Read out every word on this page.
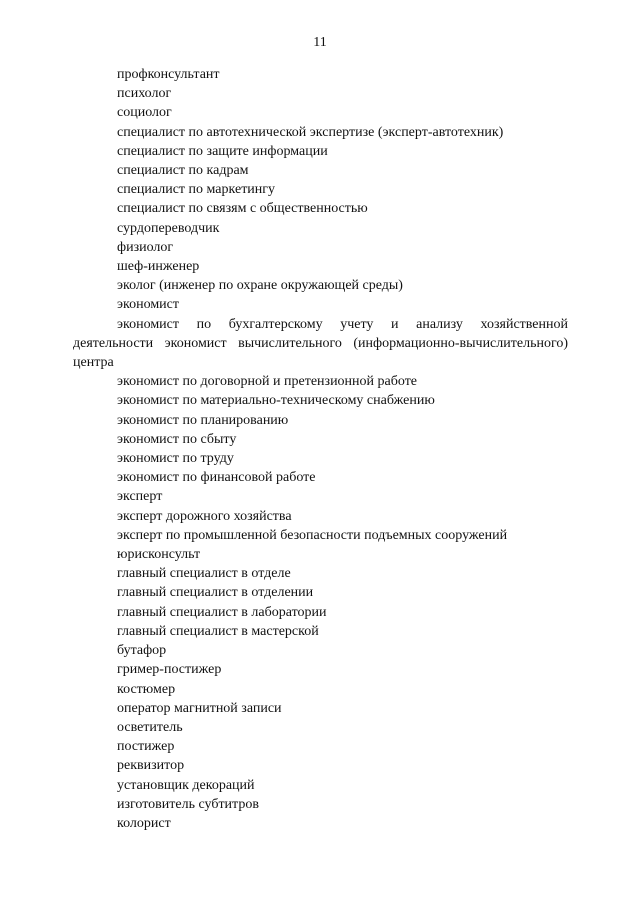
11

профконсультант

психолог

социолог

специалист по автотехнической экспертизе (эксперт-автотехник)

специалист по защите информации

специалист по кадрам

специалист по маркетингу

специалист по связям с общественностью

сурдопереводчик

физиолог

шеф-инженер

эколог (инженер по охране окружающей среды)

экономист

экономист по бухгалтерскому учету и анализу хозяйственной
деятельности экономист вычислительного (информационно-вычислительного)
центра

экономист по договорной и претензионной работе

экономист по материально-техническому снабжению

экономист по планированию

экономист по сбыту

экономист по труду

экономист по финансовой работе

эксперт

эксперт дорожного хозяйства

эксперт по промышленной безопасности подъемных сооружений

юрисконсульт

главный специалист в отделе

главный специалист в отделении

главный специалист в лаборатории

главный специалист в мастерской

бутафор

гример-постижер

костюмер

оператор магнитной записи

осветитель

постижер

реквизитор

установщик декораций

изготовитель субтитров

колорист
